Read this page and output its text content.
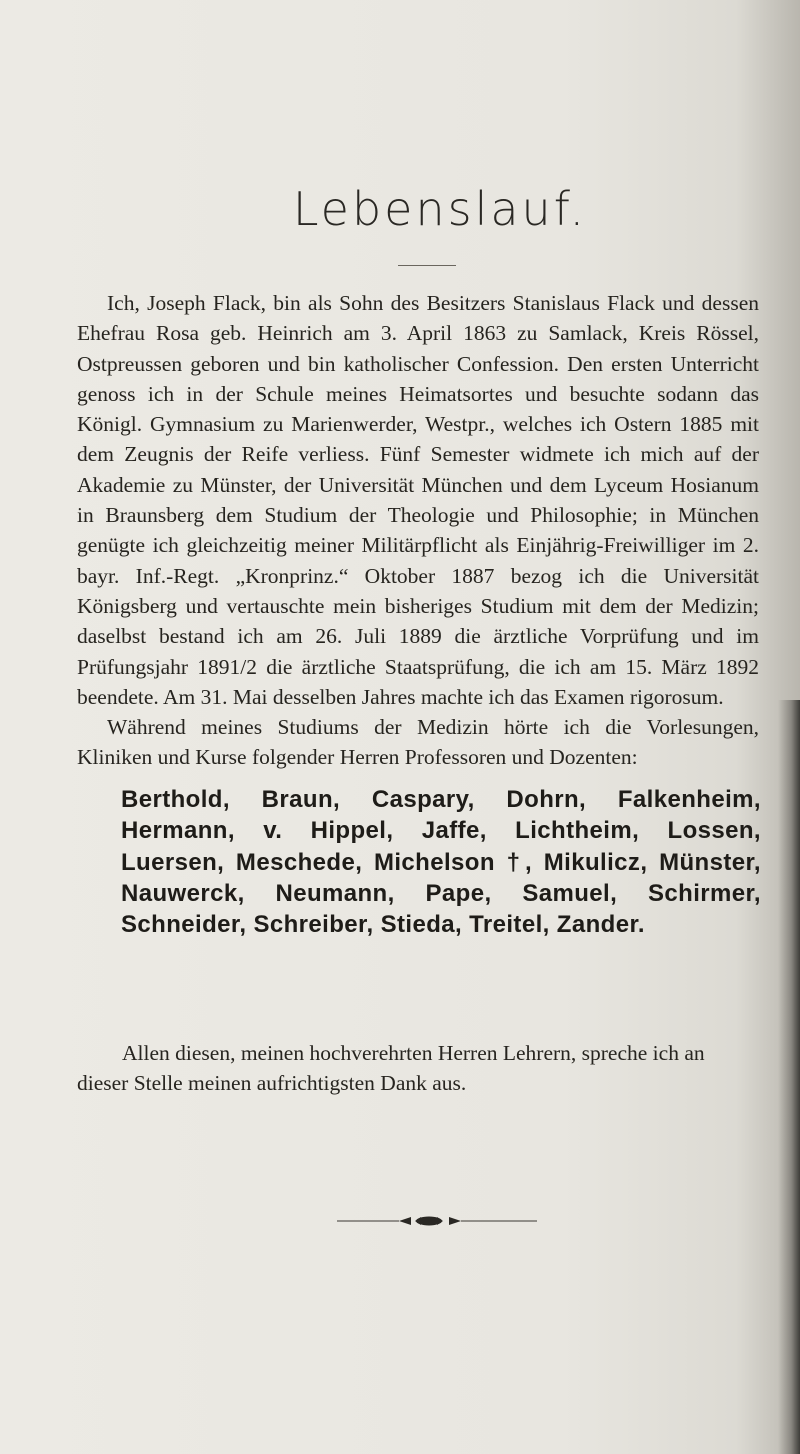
Lebenslauf.

Ich, Joseph Flack, bin als Sohn des Besitzers Stanislaus Flack und dessen Ehefrau Rosa geb. Heinrich am 3. April 1863 zu Samlack, Kreis Rössel, Ostpreussen geboren und bin katholischer Confession. Den ersten Unterricht genoss ich in der Schule meines Heimatsortes und besuchte sodann das Königl. Gymnasium zu Marienwerder, Westpr., welches ich Ostern 1885 mit dem Zeugnis der Reife verliess. Fünf Semester widmete ich mich auf der Akademie zu Münster, der Universität München und dem Lyceum Hosianum in Braunsberg dem Studium der Theologie und Philosophie; in München genügte ich gleichzeitig meiner Militärpflicht als Einjährig-Freiwilliger im 2. bayr. Inf.-Regt. „Kronprinz.“ Oktober 1887 bezog ich die Universität Königsberg und vertauschte mein bisheriges Studium mit dem der Medizin; daselbst bestand ich am 26. Juli 1889 die ärztliche Vorprüfung und im Prüfungsjahr 1891/2 die ärztliche Staatsprüfung, die ich am 15. März 1892 beendete. Am 31. Mai desselben Jahres machte ich das Examen rigorosum.

Während meines Studiums der Medizin hörte ich die Vorlesungen, Kliniken und Kurse folgender Herren Professoren und Dozenten:

Berthold, Braun, Caspary, Dohrn, Falkenheim, Hermann, v. Hippel, Jaffe, Lichtheim, Lossen, Luersen, Meschede, Michelson †, Mikulicz, Münster, Nauwerck, Neumann, Pape, Samuel, Schirmer, Schneider, Schreiber, Stieda, Treitel, Zander.

Allen diesen, meinen hochverehrten Herren Lehrern, spreche ich an dieser Stelle meinen aufrichtigsten Dank aus.
